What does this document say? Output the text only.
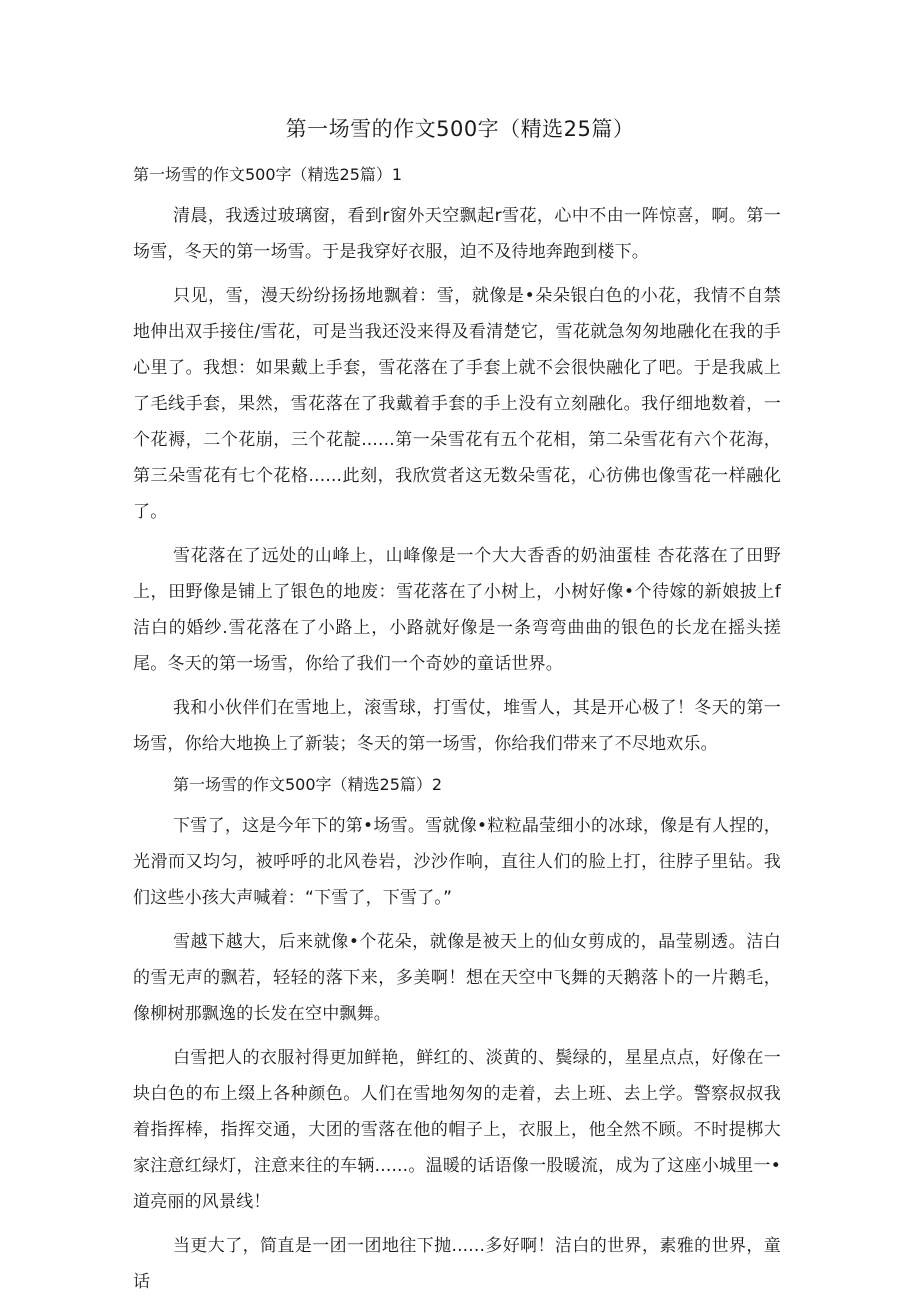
第一场雪的作文500字（精选25篇）

第一场雪的作文500字（精选25篇）1

清晨，我透过玻璃窗，看到r窗外天空飘起r雪花，心中不由一阵惊喜，啊。第一场雪，冬天的第一场雪。于是我穿好衣服，迫不及待地奔跑到楼下。

只见，雪，漫天纷纷扬扬地飘着：雪，就像是•朵朵银白色的小花，我情不自禁地伸出双手接住/雪花，可是当我还没来得及看清楚它，雪花就急匆匆地融化在我的手心里了。我想：如果戴上手套，雪花落在了手套上就不会很快融化了吧。于是我戚上了毛线手套，果然，雪花落在了我戴着手套的手上没有立刻融化。我仔细地数着，一个花褥，二个花崩，三个花靛......第一朵雪花有五个花相，第二朵雪花有六个花海，第三朵雪花有七个花格......此刻，我欣赏者这无数朵雪花，心彷佛也像雪花一样融化了。

雪花落在了远处的山峰上，山峰像是一个大大香香的奶油蛋桂 杏花落在了田野上，田野像是铺上了银色的地废：雪花落在了小树上，小树好像•个待嫁的新娘披上f洁白的婚纱.雪花落在了小路上，小路就好像是一条弯弯曲曲的银色的长龙在摇头搓尾。冬天的第一场雪，你给了我们一个奇妙的童话世界。

我和小伙伴们在雪地上，滚雪球，打雪仗，堆雪人，其是开心极了！冬天的第一场雪，你给大地换上了新装；冬天的第一场雪，你给我们带来了不尽地欢乐。

第一场雪的作文500字（精选25篇）2

下雪了，这是今年下的第•场雪。雪就像•粒粒晶莹细小的冰球，像是有人捏的，光滑而又均匀，被呼呼的北风卷岩，沙沙作响，直往人们的脸上打，往脖子里钻。我们这些小孩大声喊着：“下雪了，下雪了。”

雪越下越大，后来就像•个花朵，就像是被天上的仙女剪成的，晶莹剔透。洁白的雪无声的飘若，轻轻的落下来，多美啊！想在天空中飞舞的天鹅落卜的一片鹅毛，像柳树那飘逸的长发在空中飘舞。

白雪把人的衣服衬得更加鲜艳，鲜红的、淡黄的、鬓绿的，星星点点，好像在一块白色的布上缀上各种颜色。人们在雪地匆匆的走着，去上班、去上学。警察叔叔我着指挥棒，指挥交通，大团的雪落在他的帽子上，衣服上，他全然不顾。不时提梆大家注意红绿灯，注意来往的车辆......。温暖的话语像一股暖流，成为了这座小城里一•道亮丽的风景线！

当更大了，简直是一团一团地往下抛......多好啊！洁白的世界，素雅的世界，童话
